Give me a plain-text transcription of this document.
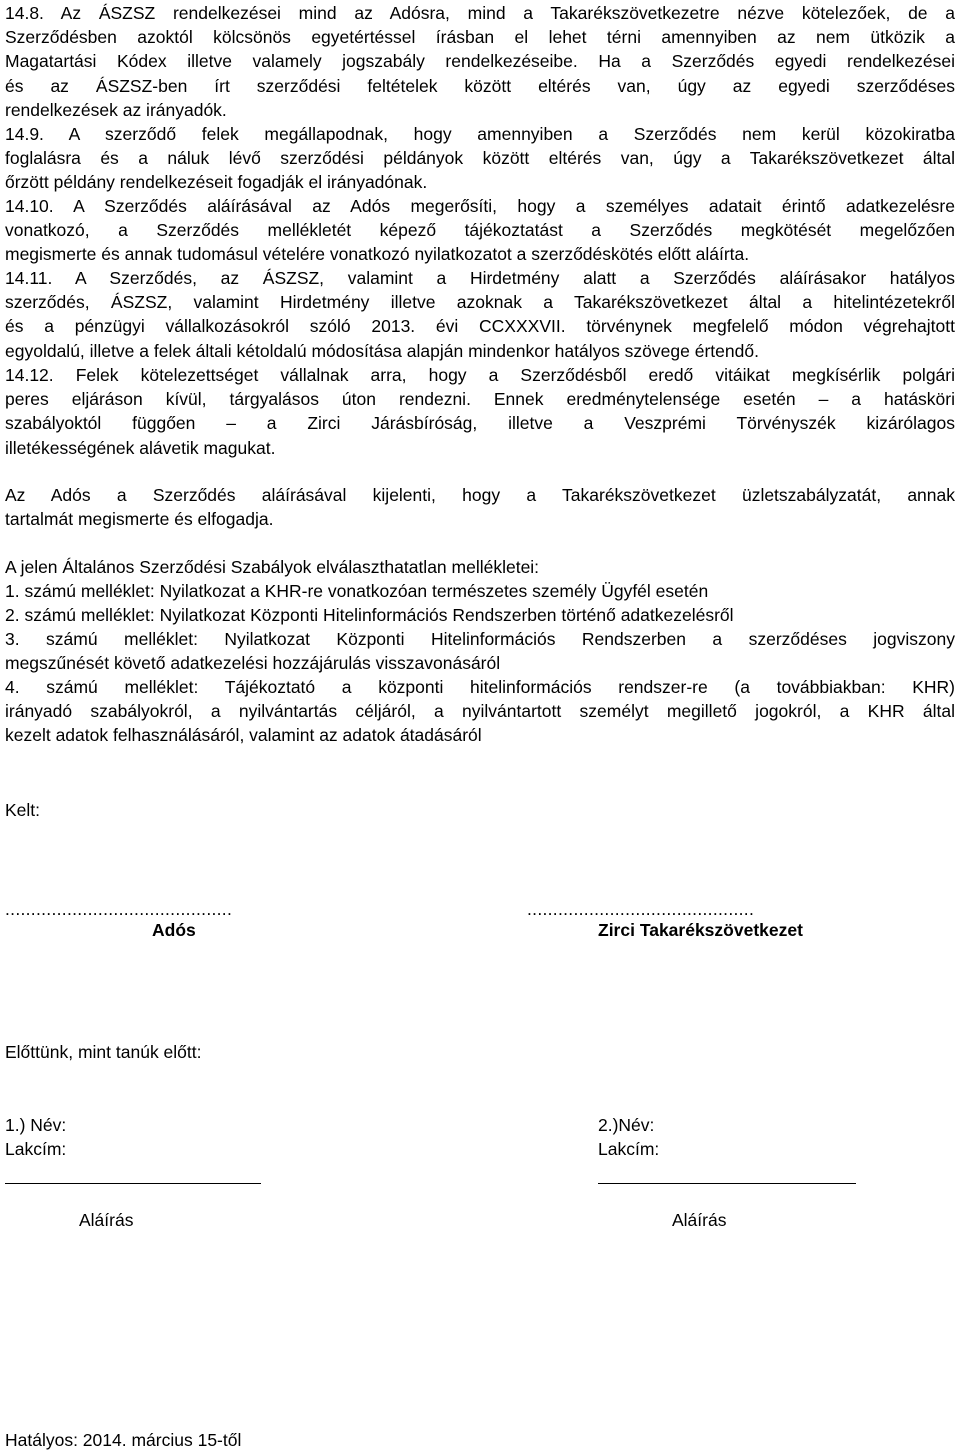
14.8. Az ÁSZSZ rendelkezései mind az Adósra, mind a Takarékszövetkezetre nézve kötelezőek, de a
Szerződésben azoktól kölcsönös egyetértéssel írásban el lehet térni amennyiben az nem ütközik a
Magatartási Kódex illetve valamely jogszabály rendelkezéseibe. Ha a Szerződés egyedi rendelkezései
és az ÁSZSZ-ben írt szerződési feltételek között eltérés van, úgy az egyedi szerződéses
rendelkezések az irányadók.
14.9. A szerződő felek megállapodnak, hogy amennyiben a Szerződés nem kerül közokiratba
foglalásra és a náluk lévő szerződési példányok között eltérés van, úgy a Takarékszövetkezet által
őrzött példány rendelkezéseit fogadják el irányadónak.
14.10. A Szerződés aláírásával az Adós megerősíti, hogy a személyes adatait érintő adatkezelésre
vonatkozó, a Szerződés mellékletét képező tájékoztatást a Szerződés megkötését megelőzően
megismerte és annak tudomásul vételére vonatkozó nyilatkozatot a szerződéskötés előtt aláírta.
14.11. A Szerződés, az ÁSZSZ, valamint a Hirdetmény alatt a Szerződés aláírásakor hatályos
szerződés, ÁSZSZ, valamint Hirdetmény illetve azoknak a Takarékszövetkezet által a hitelintézetekről
és a pénzügyi vállalkozásokról szóló 2013. évi CCXXXVII. törvénynek megfelelő módon végrehajtott
egyoldalú, illetve a felek általi kétoldalú módosítása alapján mindenkor hatályos szövege értendő.
14.12. Felek kötelezettséget vállalnak arra, hogy a Szerződésből eredő vitáikat megkísérlik polgári
peres eljáráson kívül, tárgyalásos úton rendezni. Ennek eredménytelensége esetén – a hatásköri
szabályoktól függően – a Zirci Járásbíróság, illetve a Veszprémi Törvényszék kizárólagos
illetékességének alávetik magukat.
Az Adós a Szerződés aláírásával kijelenti, hogy a Takarékszövetkezet üzletszabályzatát, annak
tartalmát megismerte és elfogadja.
A jelen Általános Szerződési Szabályok elválaszthatatlan mellékletei:
1. számú melléklet: Nyilatkozat a KHR-re vonatkozóan természetes személy Ügyfél esetén
2. számú melléklet: Nyilatkozat Központi Hitelinformációs Rendszerben történő adatkezelésről
3. számú melléklet: Nyilatkozat Központi Hitelinformációs Rendszerben a szerződéses jogviszony
megszűnését követő adatkezelési hozzájárulás visszavonásáról
4. számú melléklet: Tájékoztató a központi hitelinformációs rendszer-re (a továbbiakban: KHR)
irányadó szabályokról, a nyilvántartás céljáról, a nyilvántartott személyt megillető jogokról, a KHR által
kezelt adatok felhasználásáról, valamint az adatok átadásáról
Kelt:
............................................	............................................
Adós	Zirci Takarékszövetkezet
Előttünk, mint tanúk előtt:
1.) Név:
Lakcím:
Aláírás
2.)Név:
Lakcím:
Aláírás
Hatályos: 2014. március 15-től
